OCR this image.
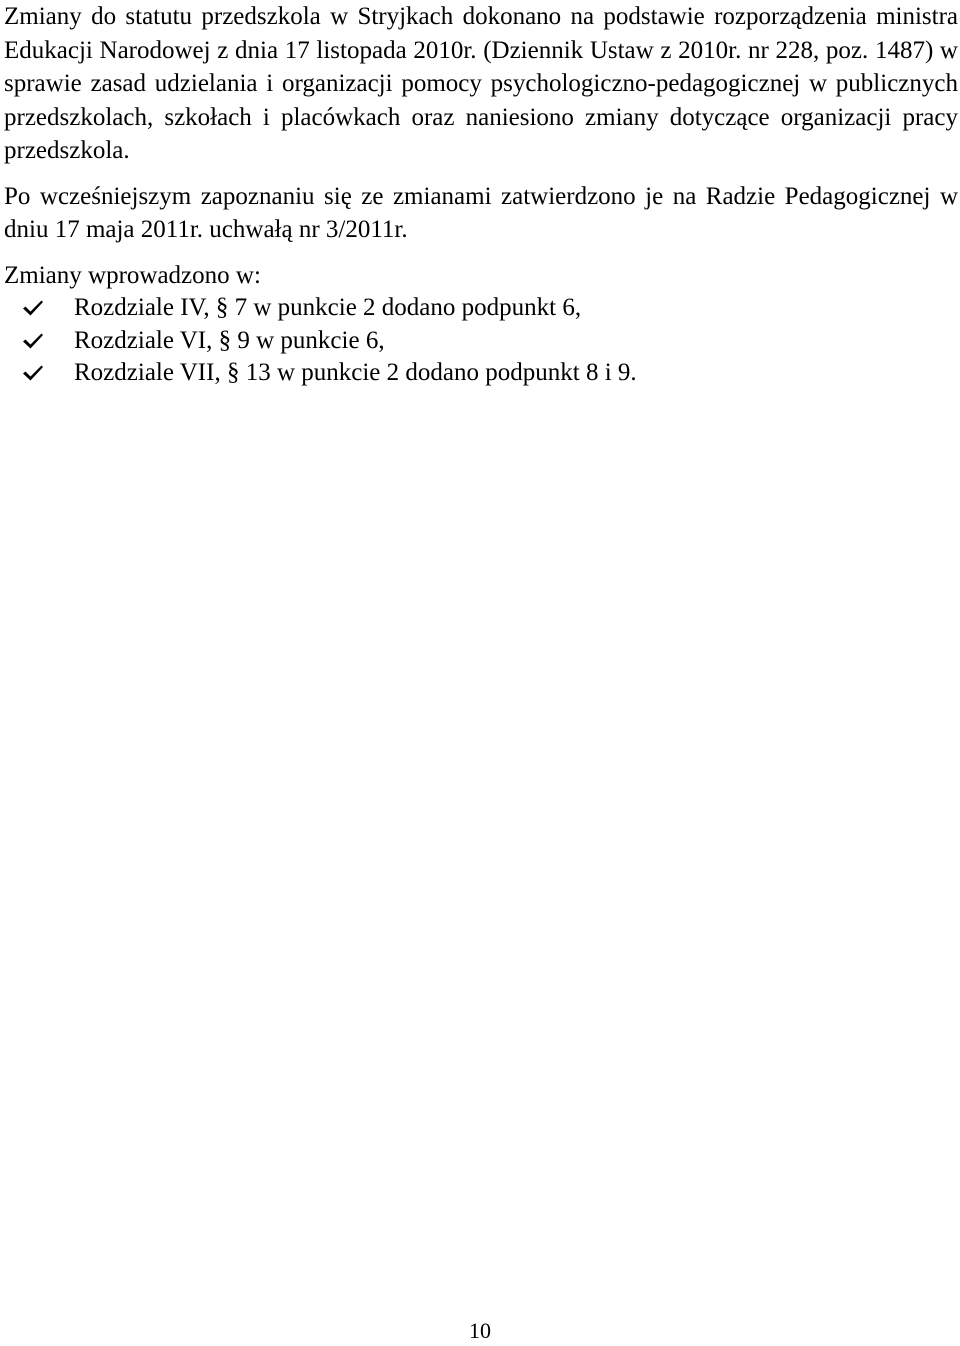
Zmiany do statutu przedszkola w Stryjkach dokonano na podstawie rozporządzenia ministra Edukacji Narodowej z dnia 17 listopada 2010r. (Dziennik Ustaw z 2010r. nr 228, poz. 1487) w sprawie zasad udzielania i organizacji pomocy psychologiczno-pedagogicznej w publicznych przedszkolach, szkołach i placówkach oraz naniesiono zmiany dotyczące organizacji pracy przedszkola.

Po wcześniejszym zapoznaniu się ze zmianami zatwierdzono je na Radzie Pedagogicznej w dniu 17 maja 2011r. uchwałą nr 3/2011r.

Zmiany wprowadzono w:

Rozdziale IV, § 7 w punkcie 2 dodano podpunkt 6,
Rozdziale VI, § 9 w punkcie 6,
Rozdziale VII, § 13 w punkcie 2 dodano podpunkt 8 i 9.
10
